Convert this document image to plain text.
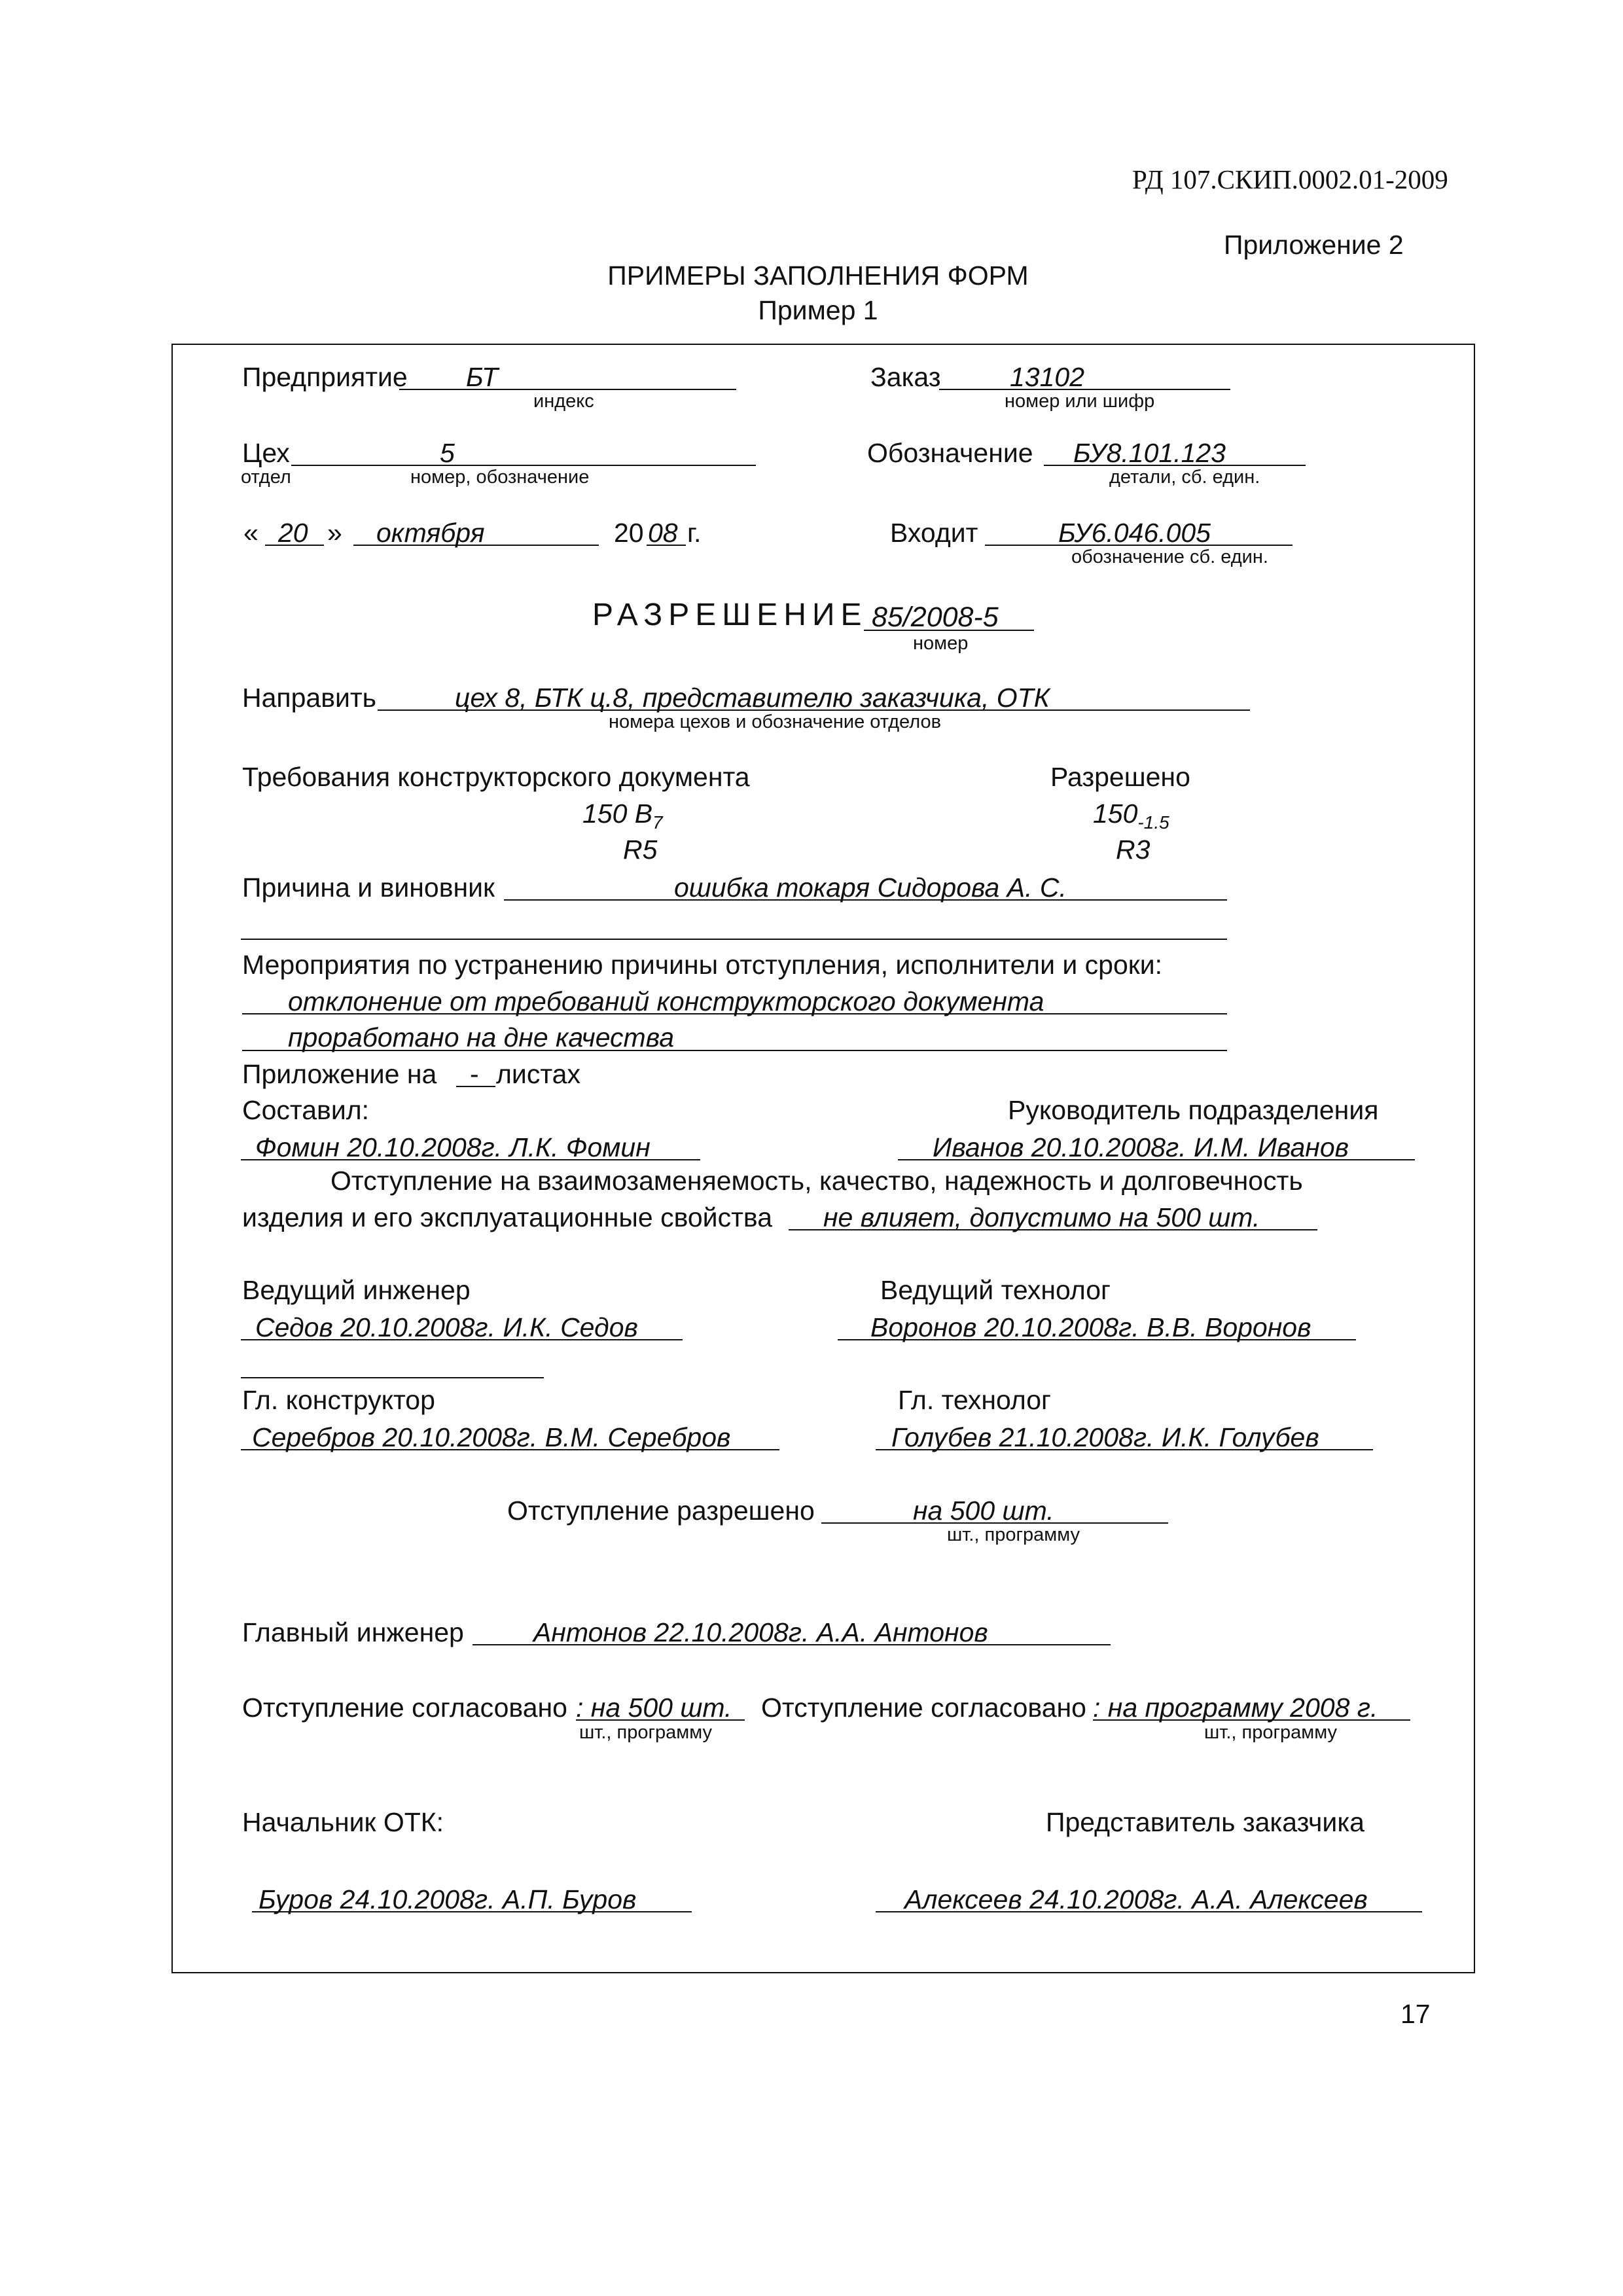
РД 107.СКИП.0002.01-2009
Приложение 2
ПРИМЕРЫ ЗАПОЛНЕНИЯ ФОРМ
Пример 1
Предприятие БТ
индекс
Заказ	13102
номер или шифр
Цех	5
отдел	номер, обозначение
Обозначение БУ8.101.123
детали, сб. един.
« 20 » октября	20 08 г.	Входит	БУ6.046.005
обозначение сб. един.
РАЗРЕШЕНИЕ 85/2008-5
номер
Направить	цех 8, БТК ц.8, представителю заказчика, ОТК
номера цехов и обозначение отделов
Требования конструкторского документа	Разрешено
150 $В_7$	$150_{-1.5}$
R5	R3
Причина и виновник	ошибка токаря Сидорова А. С.
Мероприятия по устранению причины отступления, исполнители и сроки:
отклонение от требований конструкторского документа
проработано на дне качества
Приложение на - листах
Составил:	Руководитель подразделения
Фомин 20.10.2008г. Л.К. Фомин	Иванов 20.10.2008г. И.М. Иванов
Отступление на взаимозаменяемость, качество, надежность и долговечность
изделия и его эксплуатационные свойства не влияет, допустимо на 500 шт.
Ведущий инженер	Ведущий технолог
Седов 20.10.2008г. И.К. Седов	Воронов 20.10.2008г. В.В. Воронов
Гл. конструктор	Гл. технолог
Серебров 20.10.2008г. В.М. Серебров	Голубев 21.10.2008г. И.К. Голубев
Отступление разрешено	на 500 шт.
шт., программу
Главный инженер	Антонов 22.10.2008г. А.А. Антонов
Отступление согласовано : на 500 шт.
шт., программу
Отступление согласовано : на программу 2008 г.
шт., программу
Начальник ОТК:	Представитель заказчика
Буров 24.10.2008г. А.П. Буров	Алексеев 24.10.2008г. А.А. Алексеев
17
